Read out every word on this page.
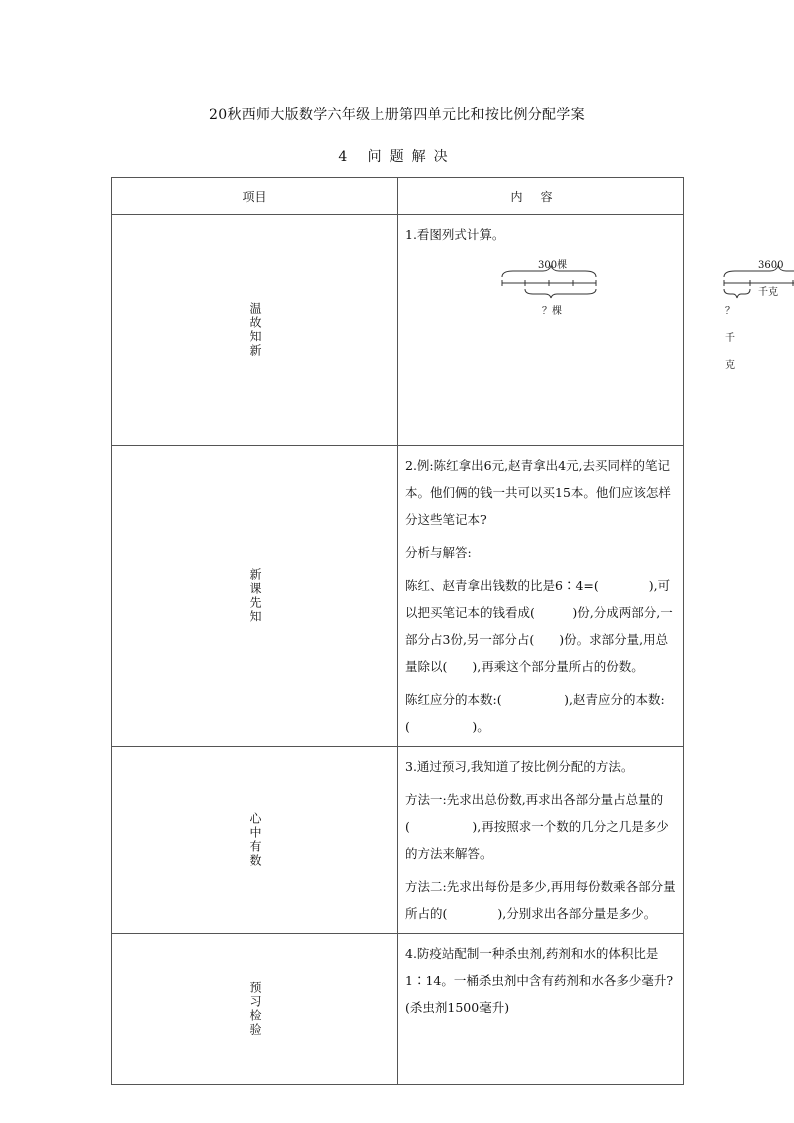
20秋西师大版数学六年级上册第四单元比和按比例分配学案
4 问题解决
项目	内容

温故知新	1.看图列式计算。

300棵
？棵
3600千克
？千克

新课先知	2.例:陈红拿出6元,赵青拿出4元,去买同样的笔记本。他们俩的钱一共可以买15本。他们应该怎样分这些笔记本?

分析与解答:

陈红、赵青拿出钱数的比是6∶4=(　　　　),可以把买笔记本的钱看成(　　　)份,分成两部分,一部分占3份,另一部分占(　　)份。求部分量,用总量除以(　　),再乘这个部分量所占的份数。

陈红应分的本数:(　　　　　),赵青应分的本数:(　　　　　)。

心中有数	3.通过预习,我知道了按比例分配的方法。

方法一:先求出总份数,再求出各部分量占总量的(　　　　　),再按照求一个数的几分之几是多少的方法来解答。

方法二:先求出每份是多少,再用每份数乘各部分量所占的(　　　　),分别求出各部分量是多少。

预习检验	4.防疫站配制一种杀虫剂,药剂和水的体积比是1∶14。一桶杀虫剂中含有药剂和水各多少毫升?(杀虫剂1500毫升)
